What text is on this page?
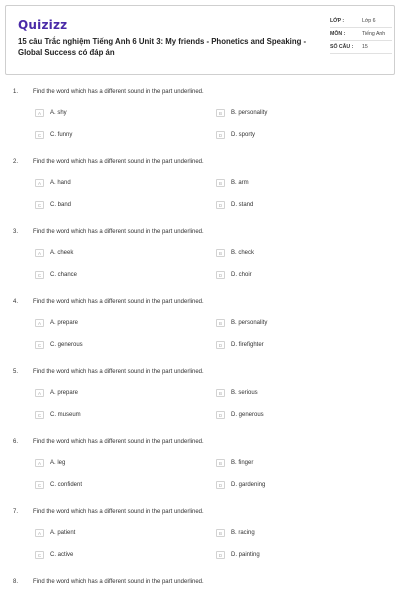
Quizizz
15 câu Trắc nghiệm Tiếng Anh 6 Unit 3: My friends - Phonetics and Speaking - Global Success có đáp án
LỚP :	Lớp 6
MÔN :	Tiếng Anh
SỐ CÂU :	15
1. Find the word which has a different sound in the part underlined.
A	A. shy	B	B. personality
C	C. funny	D	D. sporty
2. Find the word which has a different sound in the part underlined.
A	A. hand	B	B. arm
C	C. band	D	D. stand
3. Find the word which has a different sound in the part underlined.
A	A. cheek	B	B. check
C	C. chance	D	D. choir
4. Find the word which has a different sound in the part underlined.
A	A. prepare	B	B. personality
C	C. generous	D	D. firefighter
5. Find the word which has a different sound in the part underlined.
A	A. prepare	B	B. serious
C	C. museum	D	D. generous
6. Find the word which has a different sound in the part underlined.
A	A. leg	B	B. finger
C	C. confident	D	D. gardening
7. Find the word which has a different sound in the part underlined.
A	A. patient	B	B. racing
C	C. active	D	D. painting
8. Find the word which has a different sound in the part underlined.
